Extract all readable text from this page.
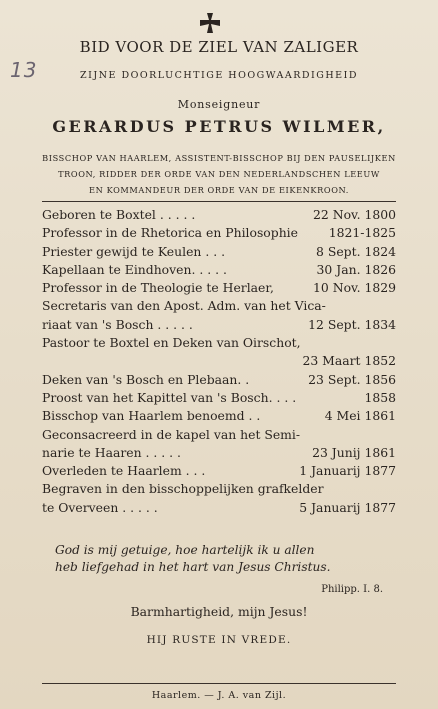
13
BID VOOR DE ZIEL VAN ZALIGER
ZIJNE DOORLUCHTIGE HOOGWAARDIGHEID
Monseigneur
GERARDUS PETRUS WILMER,
BISSCHOP VAN HAARLEM, ASSISTENT-BISSCHOP BIJ DEN PAUSELIJKEN
TROON, RIDDER DER ORDE VAN DEN NEDERLANDSCHEN LEEUW
EN KOMMANDEUR DER ORDE VAN DE EIKENKROON.
Geboren te Boxtel . . . . .	22 Nov. 1800
Professor in de Rhetorica en Philosophie 1821-1825
Priester gewijd te Keulen . . .	8 Sept. 1824
Kapellaan te Eindhoven. . . . .	30 Jan. 1826
Professor in de Theologie te Herlaer,	10 Nov. 1829
Secretaris van den Apost. Adm. van het Vica-
riaat van 's Bosch . . . . .	12 Sept. 1834
Pastoor te Boxtel en Deken van Oirschot,
23 Maart 1852
Deken van 's Bosch en Plebaan. .	23 Sept. 1856
Proost van het Kapittel van 's Bosch. . . .	1858
Bisschop van Haarlem benoemd . .	4 Mei 1861
Geconsacreerd in de kapel van het Semi-
narie te Haaren . . . . .	23 Junij 1861
Overleden te Haarlem . . .	1 Januarij 1877
Begraven in den bisschoppelijken grafkelder
te Overveen . . . . .	5 Januarij 1877
God is mij getuige, hoe hartelijk ik u allen
heb liefgehad in het hart van Jesus Christus.
Philipp. I. 8.
Barmhartigheid, mijn Jesus!
HIJ RUSTE IN VREDE.
Haarlem. — J. A. van Zijl.
